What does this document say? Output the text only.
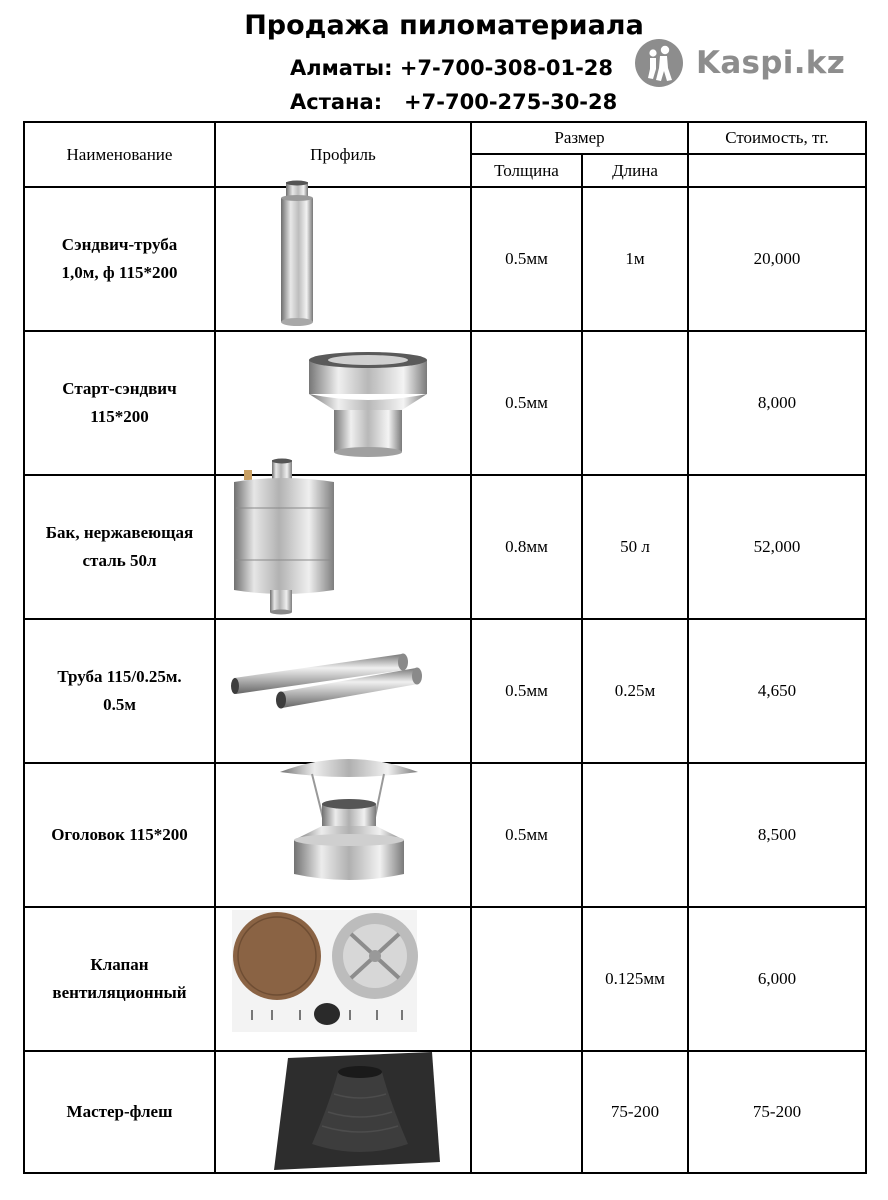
Продажа пиломатериала
Алматы: +7-700-308-01-28
Астана:   +7-700-275-30-28
Kaspi.kz
Наименование	Профиль	Размер		Стоимость, тг.
		Толщина	Длина	
Сэндвич-труба
1,0м, ф 115*200		0.5мм	1м	20,000
Старт-сэндвич
115*200		0.5мм		8,000
Бак, нержавеющая
сталь 50л		0.8мм	50 л	52,000
Труба 115/0.25м.
0.5м		0.5мм	0.25м	4,650
Оголовок 115*200		0.5мм		8,500
Клапан
вентиляционный			0.125мм	6,000
Мастер-флеш			75-200	75-200
